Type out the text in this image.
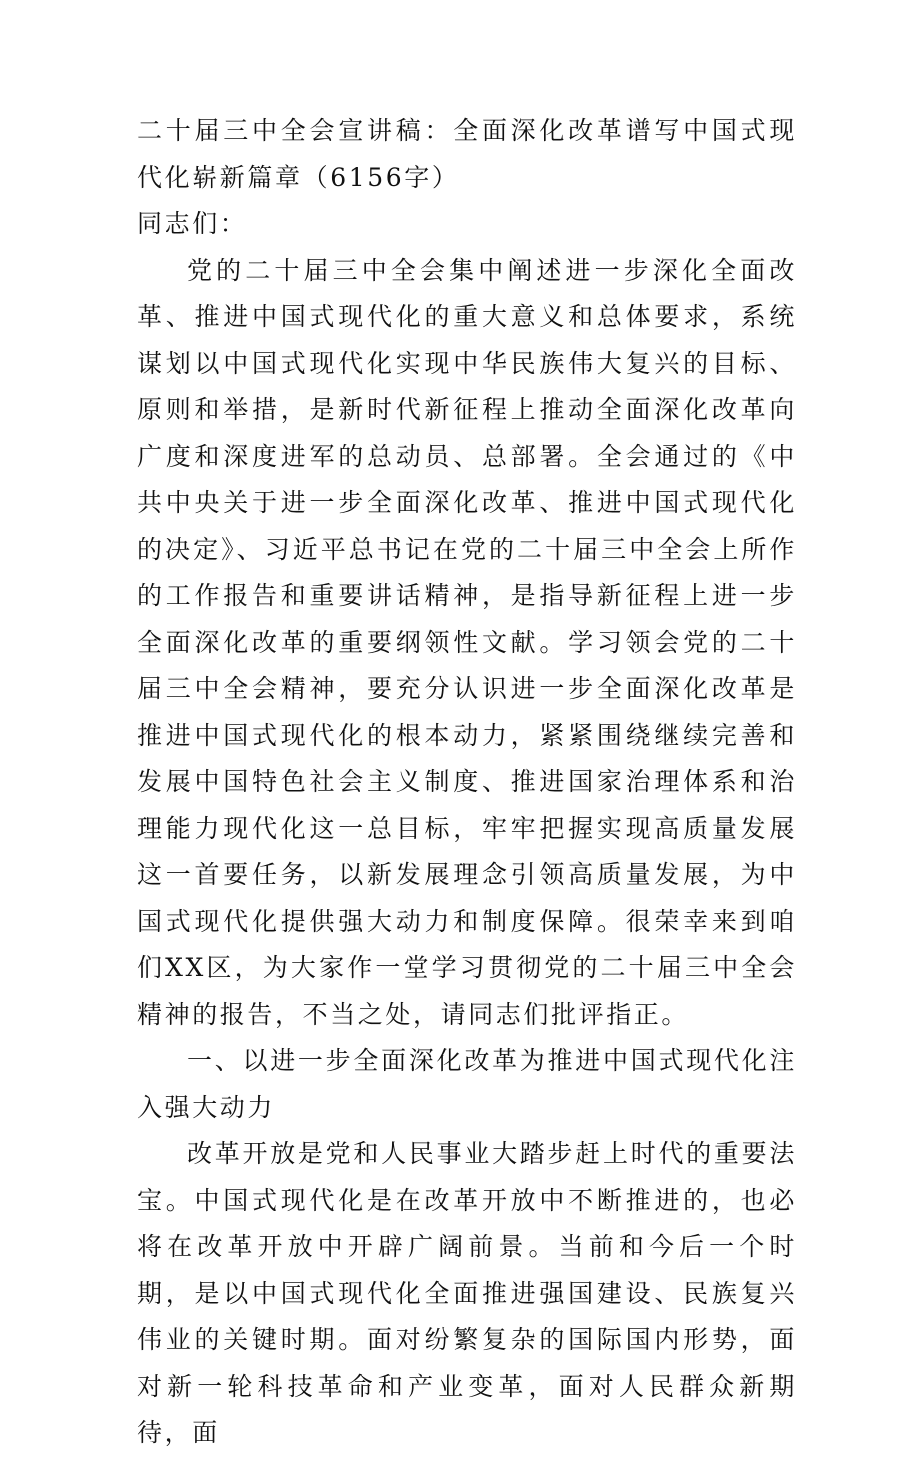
二十届三中全会宣讲稿：全面深化改革谱写中国式现代化崭新篇章（6156字）

同志们：

党的二十届三中全会集中阐述进一步深化全面改革、推进中国式现代化的重大意义和总体要求，系统谋划以中国式现代化实现中华民族伟大复兴的目标、原则和举措，是新时代新征程上推动全面深化改革向广度和深度进军的总动员、总部署。全会通过的《中共中央关于进一步全面深化改革、推进中国式现代化的决定》、习近平总书记在党的二十届三中全会上所作的工作报告和重要讲话精神，是指导新征程上进一步全面深化改革的重要纲领性文献。学习领会党的二十届三中全会精神，要充分认识进一步全面深化改革是推进中国式现代化的根本动力，紧紧围绕继续完善和发展中国特色社会主义制度、推进国家治理体系和治理能力现代化这一总目标，牢牢把握实现高质量发展这一首要任务，以新发展理念引领高质量发展，为中国式现代化提供强大动力和制度保障。很荣幸来到咱们XX区，为大家作一堂学习贯彻党的二十届三中全会精神的报告，不当之处，请同志们批评指正。

一、以进一步全面深化改革为推进中国式现代化注入强大动力

改革开放是党和人民事业大踏步赶上时代的重要法宝。中国式现代化是在改革开放中不断推进的，也必将在改革开放中开辟广阔前景。当前和今后一个时期，是以中国式现代化全面推进强国建设、民族复兴伟业的关键时期。面对纷繁复杂的国际国内形势，面对新一轮科技革命和产业变革，面对人民群众新期待，面
